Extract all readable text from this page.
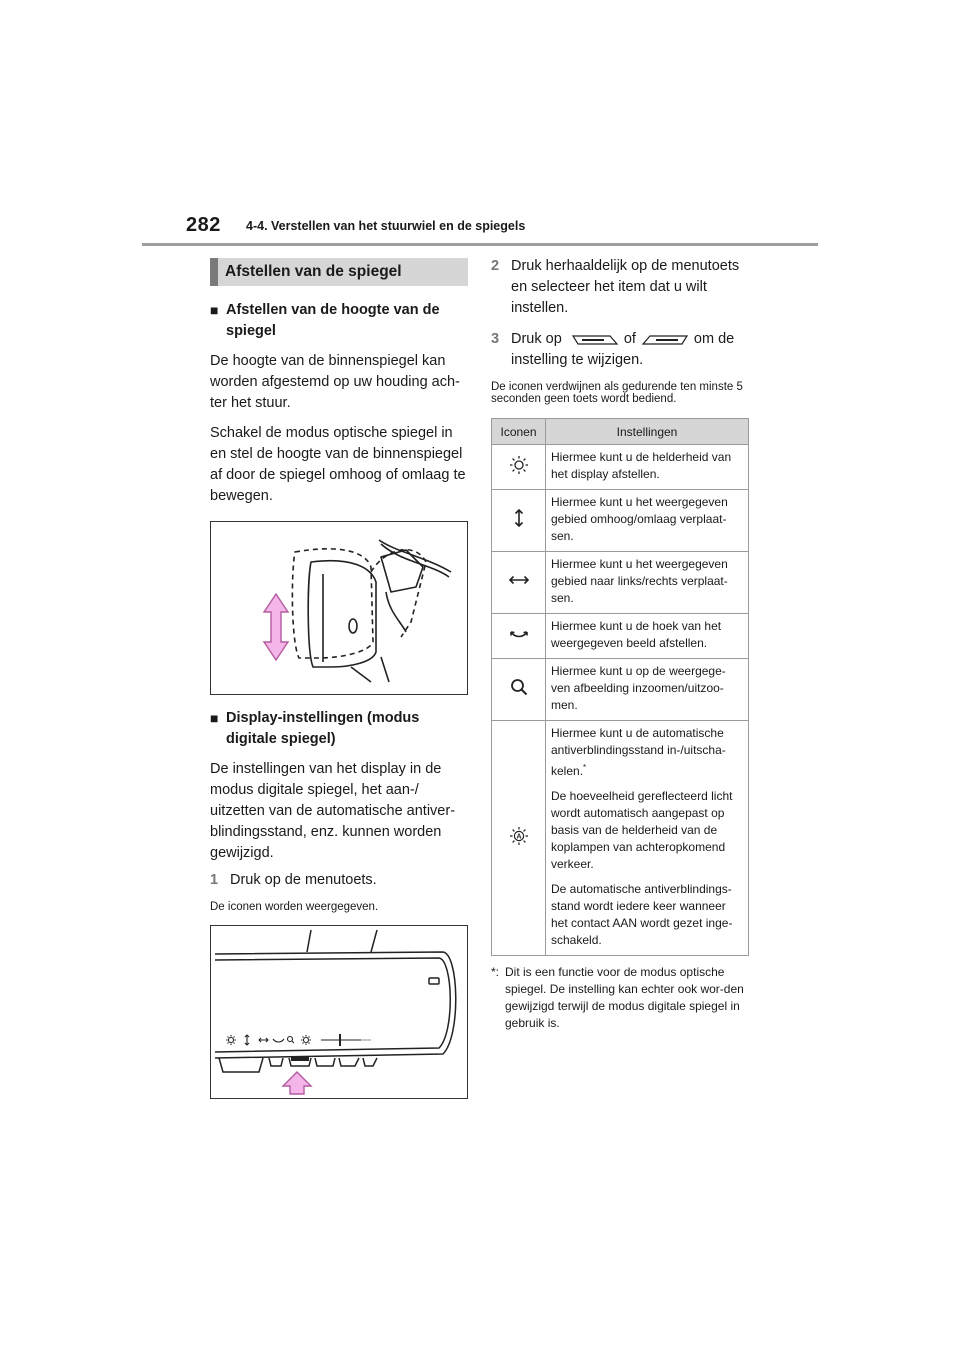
282 4-4. Verstellen van het stuurwiel en de spiegels
Afstellen van de spiegel
■ Afstellen van de hoogte van de spiegel

De hoogte van de binnenspiegel kan worden afgestemd op uw houding ach-ter het stuur.

Schakel de modus optische spiegel in en stel de hoogte van de binnenspiegel af door de spiegel omhoog of omlaag te bewegen.

■ Display-instellingen (modus digitale spiegel)

De instellingen van het display in de modus digitale spiegel, het aan-/ uitzetten van de automatische antiver-blindingsstand, enz. kunnen worden gewijzigd.

1 Druk op de menutoets.

De iconen worden weergegeven.

2 Druk herhaaldelijk op de menutoets en selecteer het item dat u wilt instellen.
3 Druk op	of	om de instelling te wijzigen.

De iconen verdwijnen als gedurende ten minste 5 seconden geen toets wordt bediend.

Iconen	Instellingen
	Hiermee kunt u de helderheid van het display afstellen.
	Hiermee kunt u het weergegeven gebied omhoog/omlaag verplaat-sen.
	Hiermee kunt u het weergegeven gebied naar links/rechts verplaat-sen.
	Hiermee kunt u de hoek van het weergegeven beeld afstellen.
	Hiermee kunt u op de weergege-ven afbeelding inzoomen/uitzoo-men.

A	Hiermee kunt u de automatische antiverblindingsstand in-/uitscha-kelen.*

De hoeveelheid gereflecteerd licht wordt automatisch aangepast op basis van de helderheid van de koplampen van achteropkomend verkeer.

De automatische antiverblindings-stand wordt iedere keer wanneer het contact AAN wordt gezet inge-schakeld.

*: Dit is een functie voor de modus optische spiegel. De instelling kan echter ook wor-den gewijzigd terwijl de modus digitale spiegel in gebruik is.
